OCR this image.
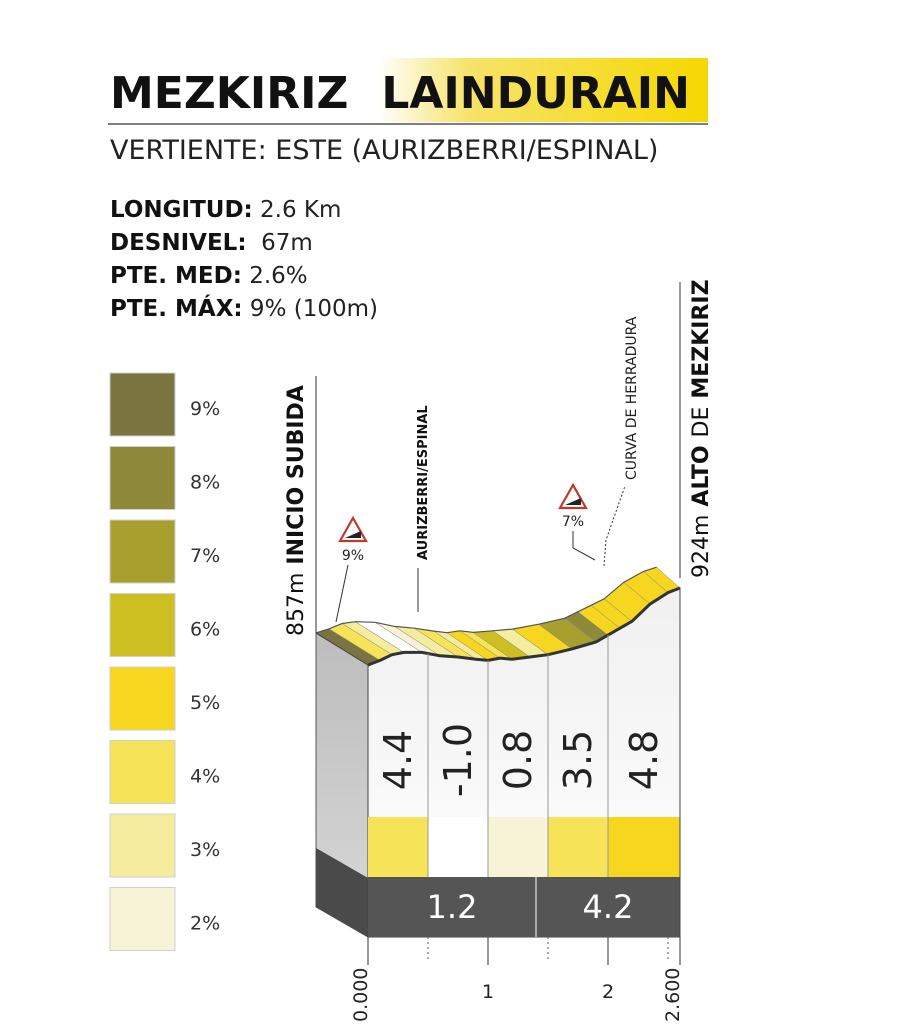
MEZKIRIZ LAINDURAIN
VERTIENTE: ESTE (AURIZBERRI/ESPINAL)
LONGITUD: 2.6 Km
DESNIVEL:  67m
PTE. MED: 2.6%
PTE. MÁX: 9% (100m)
9%
8%
7%
6%
5%
4%
3%
2%	1.2	4.2
4.4 -1.0 0.8 3.5 4.8
0.000	1	2	2.600
857mINICIO SUBIDA	924mALTODEMEZKIRIZ
AURIZBERRI/ESPINAL
CURVA DE HERRADURA
9%
7%
